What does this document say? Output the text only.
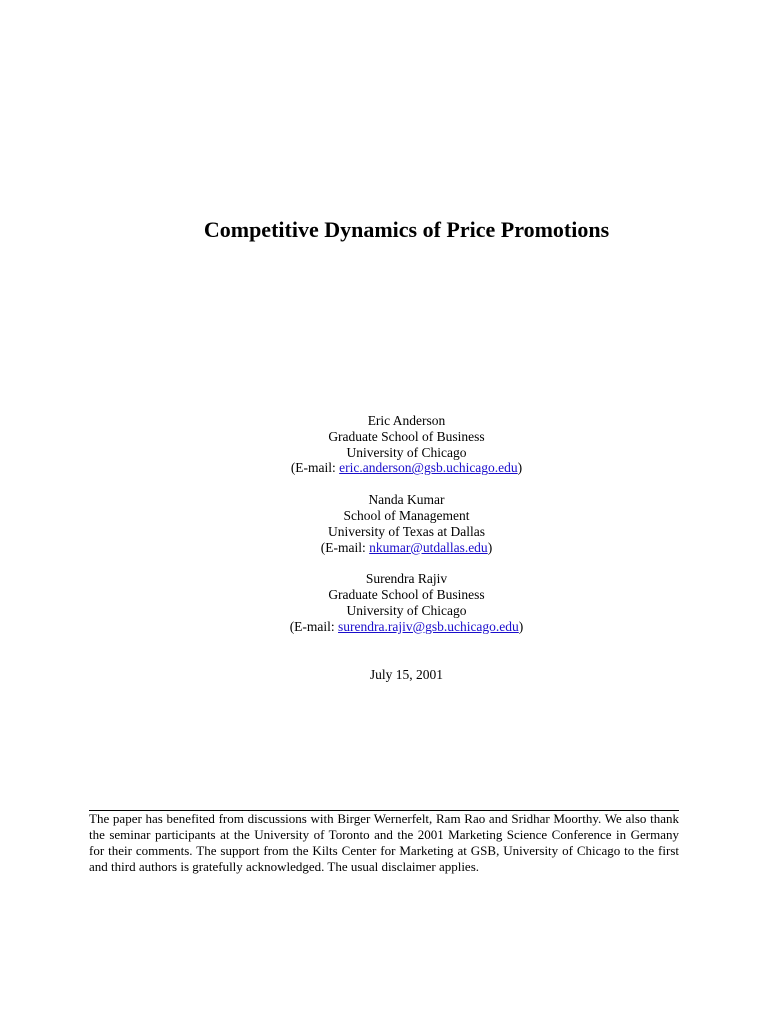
Competitive Dynamics of Price Promotions
Eric Anderson
Graduate School of Business
University of Chicago
(E-mail: eric.anderson@gsb.uchicago.edu)
Nanda Kumar
School of Management
University of Texas at Dallas
(E-mail: nkumar@utdallas.edu)
Surendra Rajiv
Graduate School of Business
University of Chicago
(E-mail: surendra.rajiv@gsb.uchicago.edu)

July 15, 2001

The paper has benefited from discussions with Birger Wernerfelt, Ram Rao and Sridhar Moorthy. We also thank the seminar participants at the University of Toronto and the 2001 Marketing Science Conference in Germany for their comments. The support from the Kilts Center for Marketing at GSB, University of Chicago to the first and third authors is gratefully acknowledged. The usual disclaimer applies.
